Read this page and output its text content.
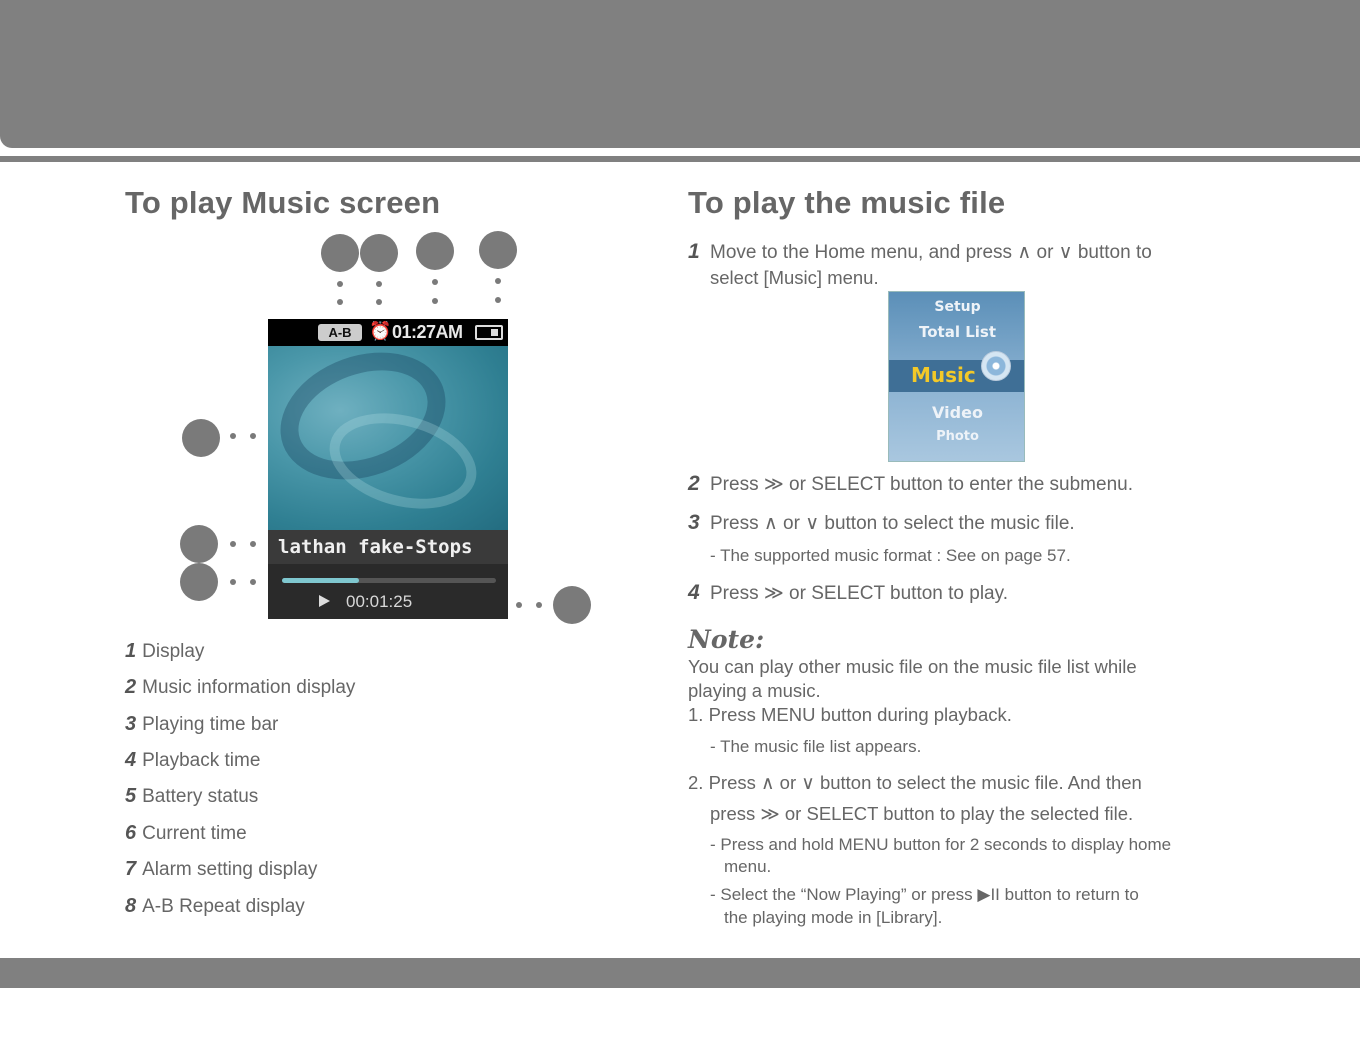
To play Music screen
A-B ⏰ 01:27AM
lathan fake-Stops
00:01:25
1 Display
2 Music information display
3 Playing time bar
4 Playback time
5 Battery status
6 Current time
7 Alarm setting display
8 A-B Repeat display
To play the music file
1 Move to the Home menu, and press ∧ or ∨ button to
select [Music] menu.
Setup
Total List
Music
Video
Photo
2 Press ≫ or SELECT button to enter the submenu.
3 Press ∧ or ∨ button to select the music file.
- The supported music format : See on page 57.
4 Press ≫ or SELECT button to play.
Note:
You can play other music file on the music file list while
playing a music.
1. Press MENU button during playback.
- The music file list appears.
2. Press ∧ or ∨ button to select the music file. And then
press ≫ or SELECT button to play the selected file.
- Press and hold MENU button for 2 seconds to display home
menu.
- Select the “Now Playing” or press ▶II button to return to
the playing mode in [Library].
